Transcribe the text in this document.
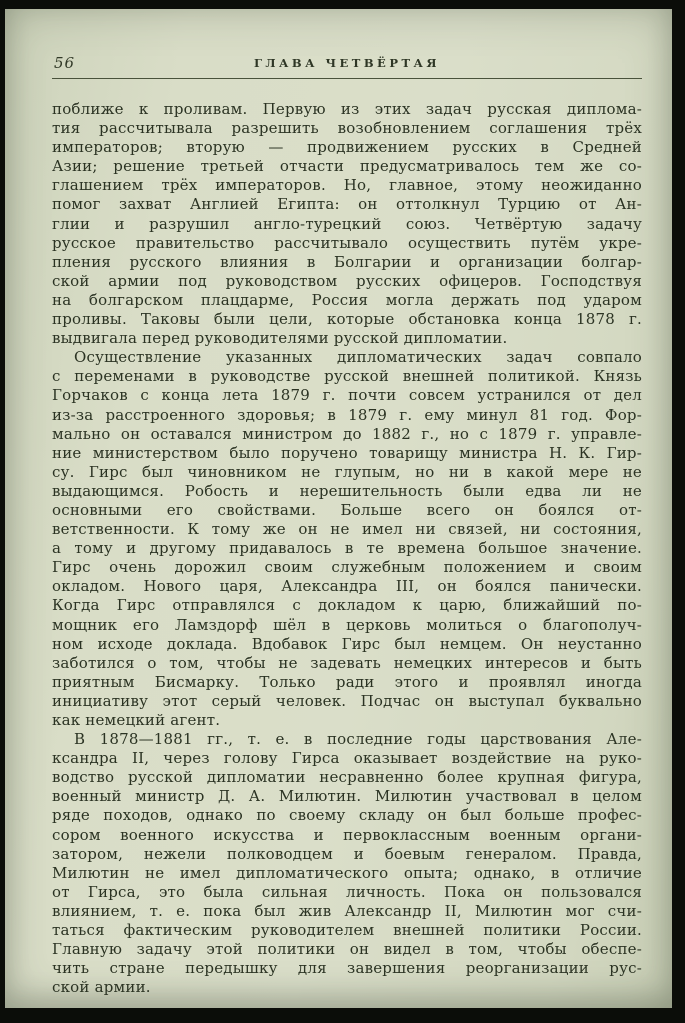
56	ГЛАВА ЧЕТВЁРТАЯ
поближе к проливам. Первую из этих задач русская диплома-
тия рассчитывала разрешить возобновлением соглашения трёх
императоров; вторую — продвижением русских в Средней
Азии; решение третьей отчасти предусматривалось тем же со-
глашением трёх императоров. Но, главное, этому неожиданно
помог захват Англией Египта: он оттолкнул Турцию от Ан-
глии и разрушил англо-турецкий союз. Четвёртую задачу
русское правительство рассчитывало осуществить путём укре-
пления русского влияния в Болгарии и организации болгар-
ской армии под руководством русских офицеров. Господствуя
на болгарском плацдарме, Россия могла держать под ударом
проливы. Таковы были цели, которые обстановка конца 1878 г.
выдвигала перед руководителями русской дипломатии.
Осуществление указанных дипломатических задач совпало
с переменами в руководстве русской внешней политикой. Князь
Горчаков с конца лета 1879 г. почти совсем устранился от дел
из-за расстроенного здоровья; в 1879 г. ему минул 81 год. Фор-
мально он оставался министром до 1882 г., но с 1879 г. управле-
ние министерством было поручено товарищу министра Н. К. Гир-
су. Гирс был чиновником не глупым, но ни в какой мере не
выдающимся. Робость и нерешительность были едва ли не
основными его свойствами. Больше всего он боялся от-
ветственности. К тому же он не имел ни связей, ни состояния,
а тому и другому придавалось в те времена большое значение.
Гирс очень дорожил своим служебным положением и своим
окладом. Нового царя, Александра III, он боялся панически.
Когда Гирс отправлялся с докладом к царю, ближайший по-
мощник его Ламздорф шёл в церковь молиться о благополуч-
ном исходе доклада. Вдобавок Гирс был немцем. Он неустанно
заботился о том, чтобы не задевать немецких интересов и быть
приятным Бисмарку. Только ради этого и проявлял иногда
инициативу этот серый человек. Подчас он выступал буквально
как немецкий агент.
В 1878—1881 гг., т. е. в последние годы царствования Але-
ксандра II, через голову Гирса оказывает воздействие на руко-
водство русской дипломатии несравненно более крупная фигура,
военный министр Д. А. Милютин. Милютин участвовал в целом
ряде походов, однако по своему складу он был больше профес-
сором военного искусства и первоклассным военным органи-
затором, нежели полководцем и боевым генералом. Правда,
Милютин не имел дипломатического опыта; однако, в отличие
от Гирса, это была сильная личность. Пока он пользовался
влиянием, т. е. пока был жив Александр II, Милютин мог счи-
таться фактическим руководителем внешней политики России.
Главную задачу этой политики он видел в том, чтобы обеспе-
чить стране передышку для завершения реорганизации рус-
ской армии.
